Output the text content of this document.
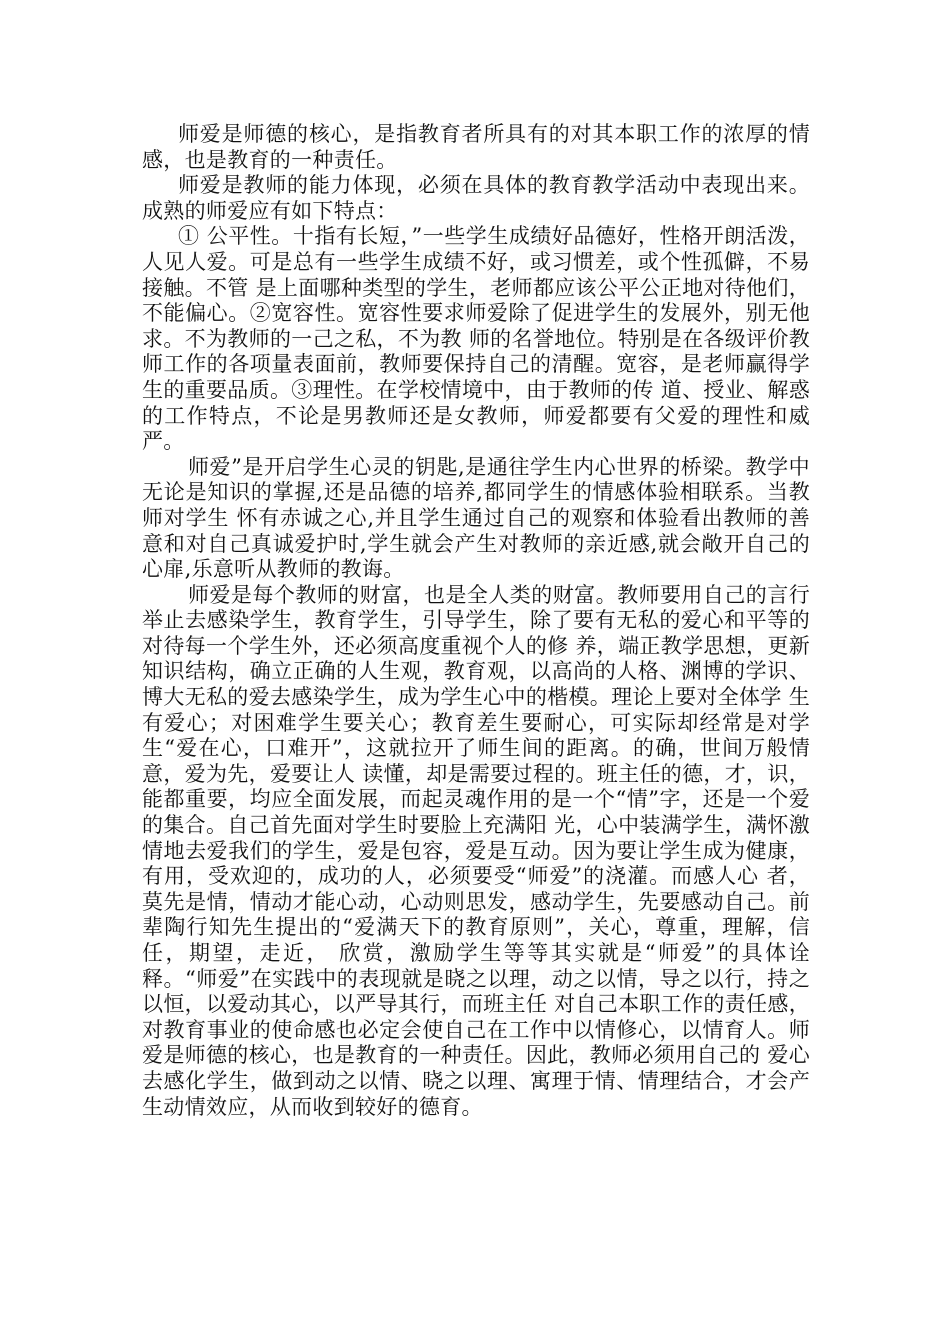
师爱是师德的核心，是指教育者所具有的对其本职工作的浓厚的情感，也是教育的一种责任。

师爱是教师的能力体现，必须在具体的教育教学活动中表现出来。成熟的师爱应有如下特点：

① 公平性。十指有长短，”一些学生成绩好品德好，性格开朗活泼，人见人爱。可是总有一些学生成绩不好，或习惯差，或个性孤僻，不易接触。不管 是上面哪种类型的学生，老师都应该公平公正地对待他们，不能偏心。②宽容性。宽容性要求师爱除了促进学生的发展外，别无他求。不为教师的一己之私，不为教 师的名誉地位。特别是在各级评价教师工作的各项量表面前，教师要保持自己的清醒。宽容，是老师赢得学生的重要品质。③理性。在学校情境中，由于教师的传 道、授业、解惑的工作特点，不论是男教师还是女教师，师爱都要有父爱的理性和威严。

师爱”是开启学生心灵的钥匙,是通往学生内心世界的桥梁。教学中无论是知识的掌握,还是品德的培养,都同学生的情感体验相联系。当教师对学生 怀有赤诚之心,并且学生通过自己的观察和体验看出教师的善意和对自己真诚爱护时,学生就会产生对教师的亲近感,就会敞开自己的心扉,乐意听从教师的教诲。

师爱是每个教师的财富，也是全人类的财富。教师要用自己的言行举止去感染学生，教育学生，引导学生，除了要有无私的爱心和平等的对待每一个学生外，还必须高度重视个人的修 养，端正教学思想，更新知识结构，确立正确的人生观，教育观，以高尚的人格、渊博的学识、博大无私的爱去感染学生，成为学生心中的楷模。理论上要对全体学 生有爱心；对困难学生要关心；教育差生要耐心，可实际却经常是对学生“爱在心，口难开”，这就拉开了师生间的距离。的确，世间万般情意，爱为先，爱要让人 读懂，却是需要过程的。班主任的德，才，识，能都重要，均应全面发展，而起灵魂作用的是一个“情”字，还是一个爱的集合。自己首先面对学生时要脸上充满阳 光，心中装满学生，满怀激情地去爱我们的学生，爱是包容，爱是互动。因为要让学生成为健康，有用，受欢迎的，成功的人，必须要受“师爱”的浇灌。而感人心 者，莫先是情，情动才能心动，心动则思发，感动学生，先要感动自己。前辈陶行知先生提出的“爱满天下的教育原则”，关心，尊重，理解，信任，期望，走近， 欣赏，激励学生等等其实就是“师爱”的具体诠释。“师爱”在实践中的表现就是晓之以理，动之以情，导之以行，持之以恒，以爱动其心，以严导其行，而班主任 对自己本职工作的责任感，对教育事业的使命感也必定会使自己在工作中以情修心，以情育人。师爱是师德的核心，也是教育的一种责任。因此，教师必须用自己的 爱心去感化学生，做到动之以情、晓之以理、寓理于情、情理结合，才会产生动情效应，从而收到较好的德育。
